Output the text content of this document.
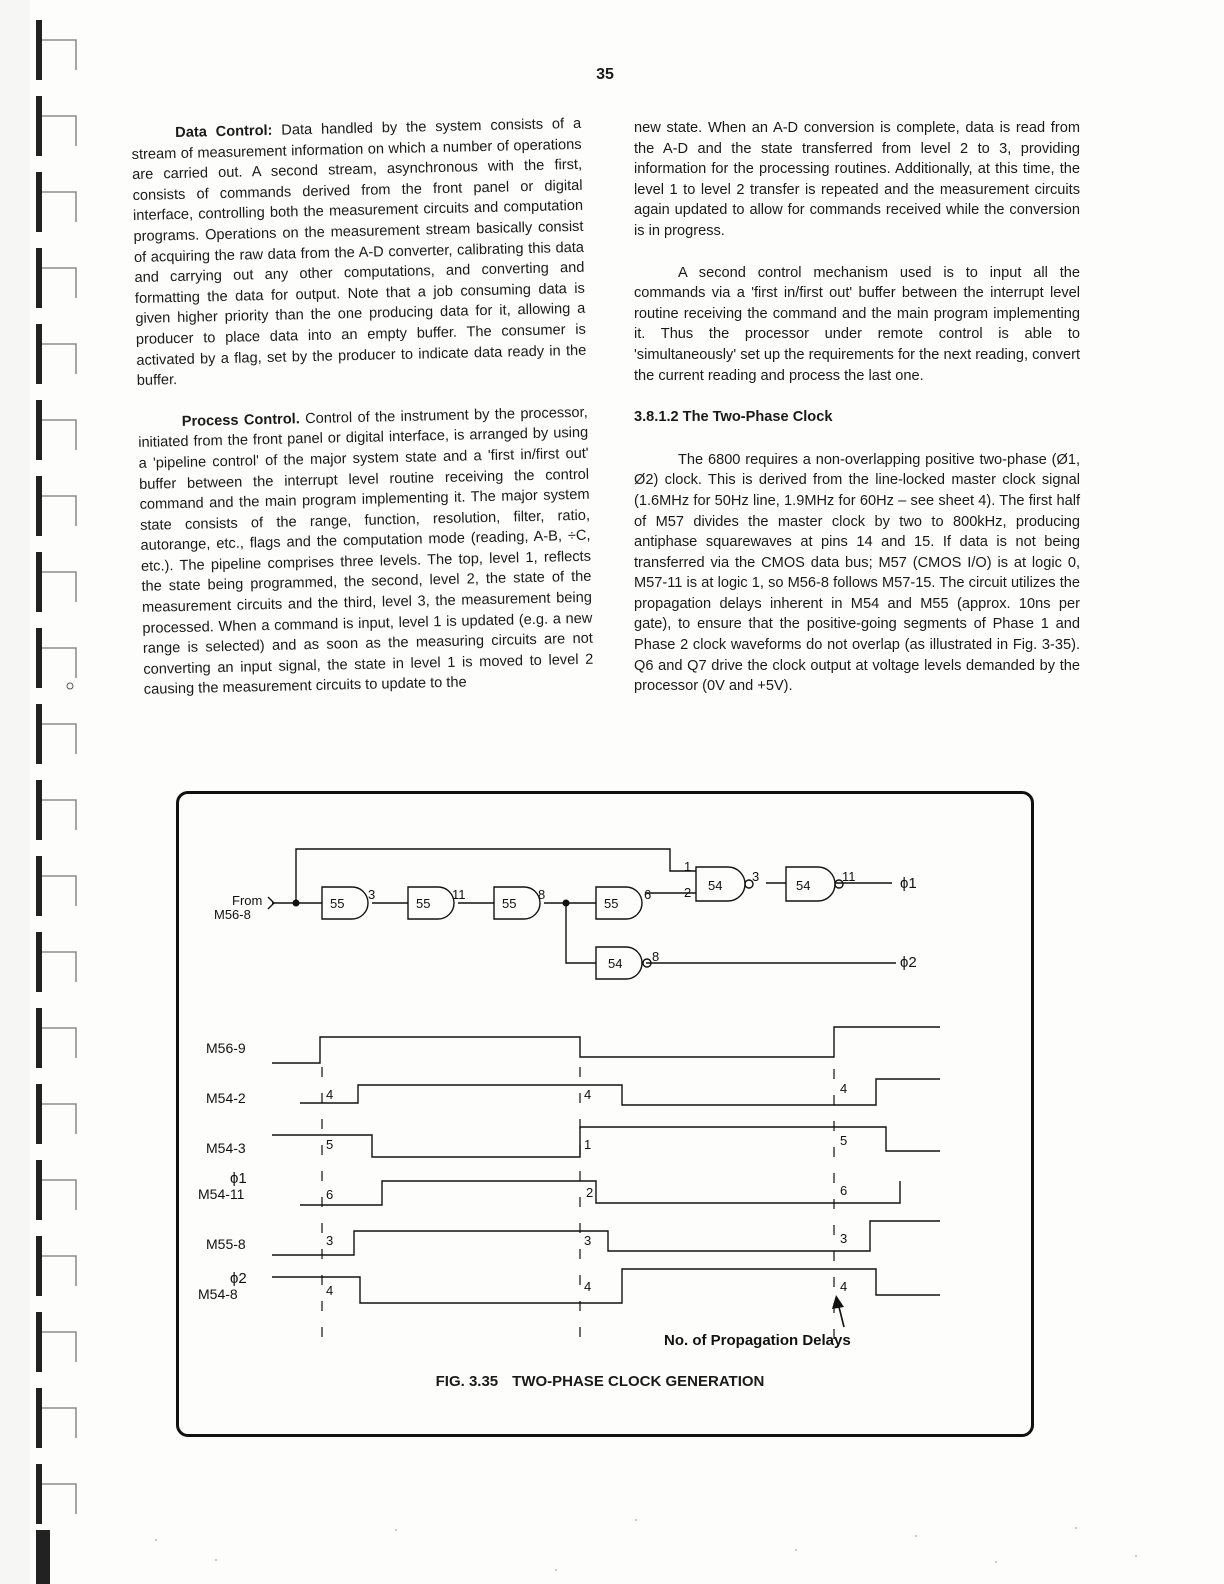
35

Data Control: Data handled by the system consists of a stream of measurement information on which a number of operations are carried out. A second stream, asynchronous with the first, consists of commands derived from the front panel or digital interface, controlling both the measurement circuits and computation programs. Operations on the measurement stream basically consist of acquiring the raw data from the A-D converter, calibrating this data and carrying out any other computations, and converting and formatting the data for output. Note that a job consuming data is given higher priority than the one producing data for it, allowing a producer to place data into an empty buffer. The consumer is activated by a flag, set by the producer to indicate data ready in the buffer.

Process Control. Control of the instrument by the processor, initiated from the front panel or digital interface, is arranged by using a 'pipeline control' of the major system state and a 'first in/first out' buffer between the interrupt level routine receiving the control command and the main program implementing it. The major system state consists of the range, function, resolution, filter, ratio, autorange, etc., flags and the computation mode (reading, A-B, ÷C, etc.). The pipeline comprises three levels. The top, level 1, reflects the state being programmed, the second, level 2, the state of the measurement circuits and the third, level 3, the measurement being processed. When a command is input, level 1 is updated (e.g. a new range is selected) and as soon as the measuring circuits are not converting an input signal, the state in level 1 is moved to level 2 causing the measurement circuits to update to the

new state. When an A-D conversion is complete, data is read from the A-D and the state transferred from level 2 to 3, providing information for the processing routines. Additionally, at this time, the level 1 to level 2 transfer is repeated and the measurement circuits again updated to allow for commands received while the conversion is in progress.

A second control mechanism used is to input all the commands via a 'first in/first out' buffer between the interrupt level routine receiving the command and the main program implementing it. Thus the processor under remote control is able to 'simultaneously' set up the requirements for the next reading, convert the current reading and process the last one.

3.8.1.2 The Two-Phase Clock

The 6800 requires a non-overlapping positive two-phase (Ø1, Ø2) clock. This is derived from the line-locked master clock signal (1.6MHz for 50Hz line, 1.9MHz for 60Hz – see sheet 4). The first half of M57 divides the master clock by two to 800kHz, producing antiphase squarewaves at pins 14 and 15. If data is not being transferred via the CMOS data bus; M57 (CMOS I/O) is at logic 0, M57-11 is at logic 1, so M56-8 follows M57-15. The circuit utilizes the propagation delays inherent in M54 and M55 (approx. 10ns per gate), to ensure that the positive-going segments of Phase 1 and Phase 2 clock waveforms do not overlap (as illustrated in Fig. 3-35). Q6 and Q7 drive the clock output at voltage levels demanded by the processor (0V and +5V).

From
M56-8
55	55	55	55
54	54
54
3	11	8	6
1
2
3	11
8
ϕ1
ϕ2
M56-9
M54-2
M54-3
ϕ1
M54-11
M55-8
ϕ2
M54-8
4
5
6
3
4
4
1
2
3
4
4
5
6
3
4
No. of Propagation Delays
FIG. 3.35 TWO-PHASE CLOCK GENERATION
